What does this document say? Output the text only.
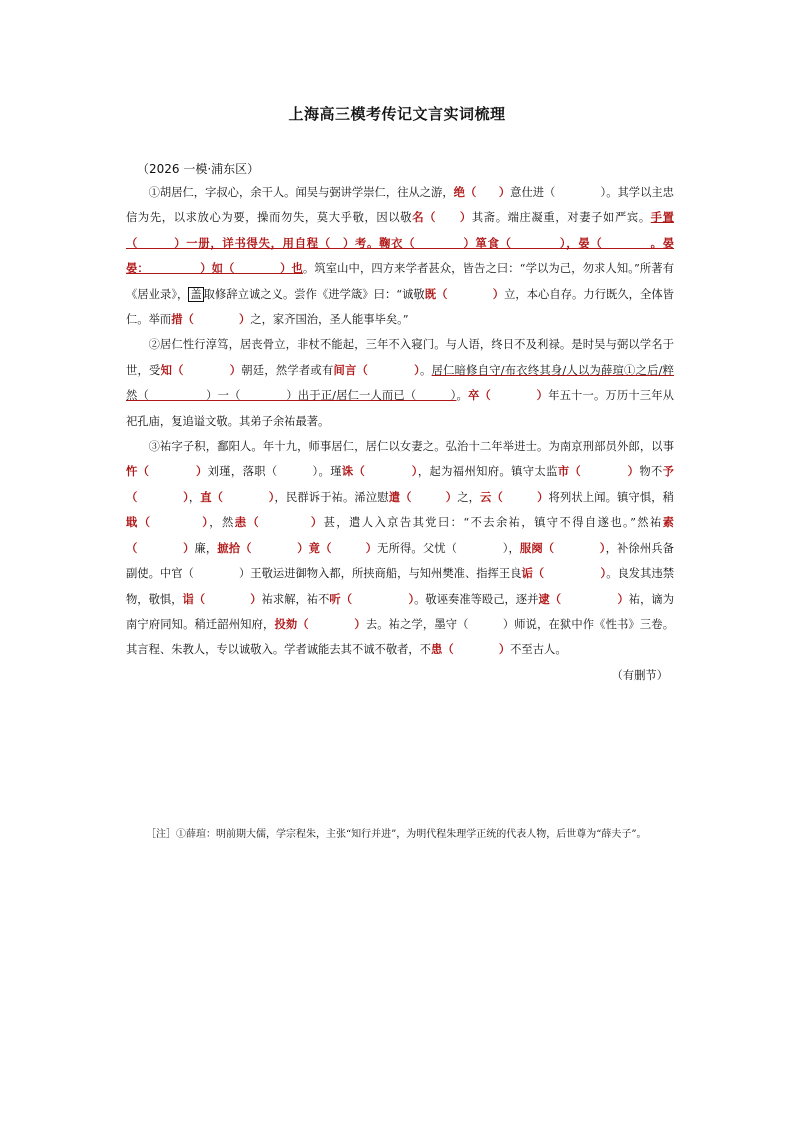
上海高三模考传记文言实词梳理
（2026 一模·浦东区）

①胡居仁，字叔心，余干人。闻吴与弼讲学崇仁，往从之游，绝（　　）意仕进（　　　　）。其学以主忠信为先，以求放心为要，操而勿失，莫大乎敬，因以敬名（　　）其斋。端庄凝重，对妻子如严宾。手置（　　　）一册，详书得失，用自程（　）考。鞠衣（　　　　）箪食（　　　　），晏（　　　　。晏晏：　　　　　）如（　　　　）也。筑室山中，四方来学者甚众，皆告之曰：“学以为己，勿求人知。”所著有《居业录》， 盖 取修辞立诚之义。尝作《进学箴》曰：“诚敬既（　　　　）立，本心自存。力行既久，全体皆仁。举而措（　　　　）之，家齐国治，圣人能事毕矣。”

②居仁性行淳笃，居丧骨立，非杖不能起，三年不入寝门。与人语，终日不及利禄。是时吴与弼以学名于世，受知（　　　　）朝廷，然学者或有间言（　　　　）。居仁暗修自守/布衣终其身/人以为薛瑄①之后/粹然（　　　　　）一（　　　　）出于正/居仁一人而已（　　　）。卒（　　　　）年五十一。万历十三年从祀孔庙，复追谥文敬。其弟子余祐最著。

③祐字子积，鄱阳人。年十九，师事居仁，居仁以女妻之。弘治十二年举进士。为南京刑部员外郎，以事忤（　　　　）刘瑾，落职（　　　）。瑾诛（　　　　），起为福州知府。镇守太监市（　　　　）物不予（　　　　），直（　　　　），民群诉于祐。浠泣慰遣（　　　）之，云（　　　）将列状上闻。镇守惧，稍戢（　　　　），然恚（　　　　）甚，遣人入京告其党曰：“不去余祐，镇守不得自遂也。”然祐素（　　　　）廉，摭拾（　　　　）竟（　　　）无所得。父忧（　　　　），服阕（　　　　），补徐州兵备副使。中官（　　　　）王敬运进御物入都，所挟商船，与知州樊准、指挥王良诟（　　　　　）。良发其违禁物，敬惧，诣（　　　　）祐求解，祐不听（　　　　　）。敬诬奏准等殴己，逐并逮（　　　　　）祐，谪为南宁府同知。稍迁韶州知府，投劾（　　　　）去。祐之学，墨守（　　　）师说，在狱中作《性书》三卷。其言程、朱教人，专以诚敬入。学者诚能去其不诚不敬者，不患（　　　　）不至古人。

（有删节）
［注］①薛瑄：明前期大儒，学宗程朱，主张“知行并进”，为明代程朱理学正统的代表人物，后世尊为“薛夫子”。
